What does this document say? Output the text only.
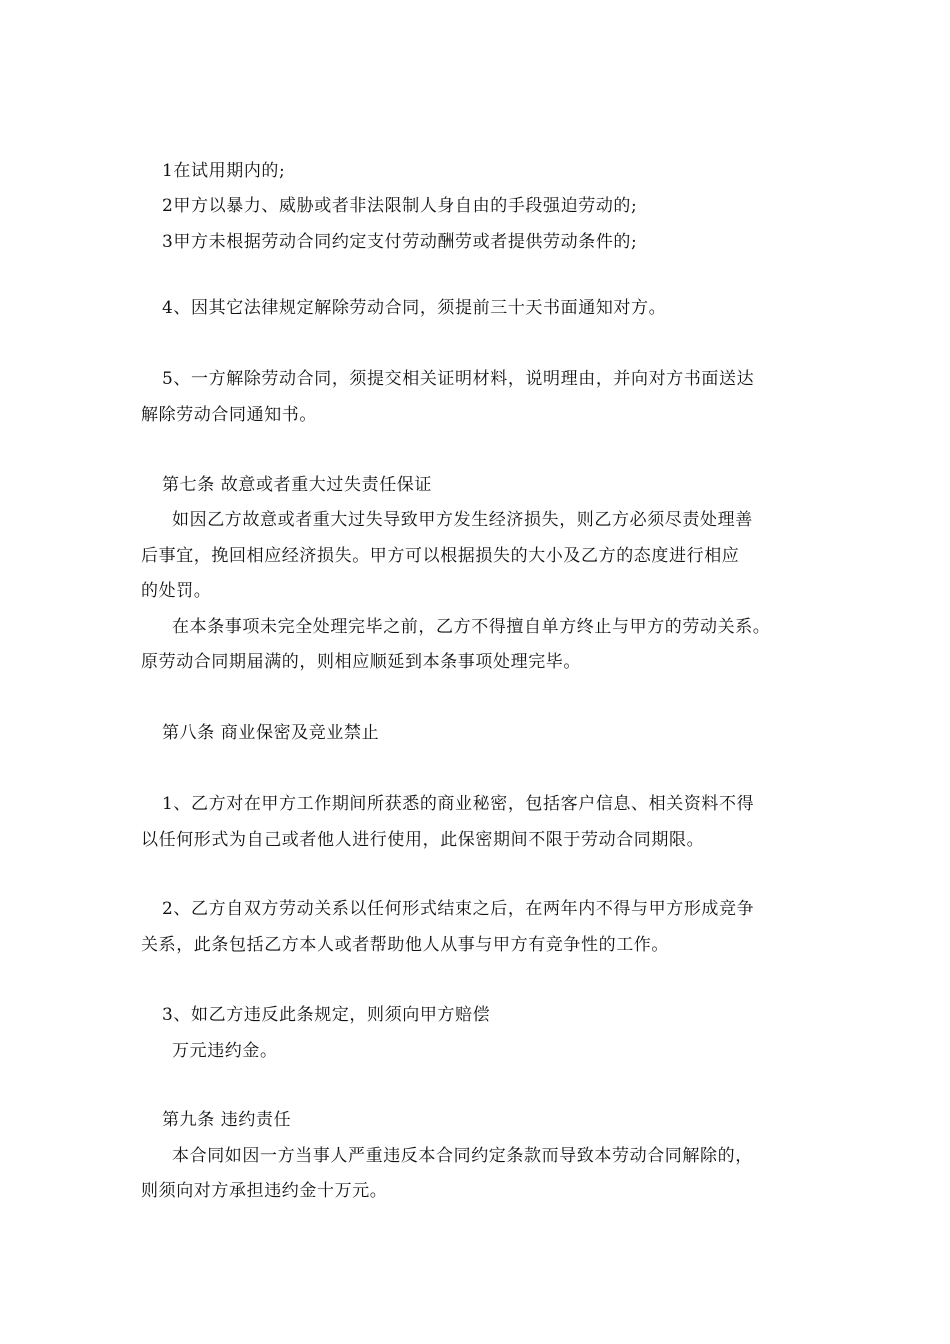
1在试用期内的;
2甲方以暴力、威胁或者非法限制人身自由的手段强迫劳动的;
3甲方未根据劳动合同约定支付劳动酬劳或者提供劳动条件的;
4、因其它法律规定解除劳动合同，须提前三十天书面通知对方。
5、一方解除劳动合同，须提交相关证明材料，说明理由，并向对方书面送达
解除劳动合同通知书。
第七条 故意或者重大过失责任保证
如因乙方故意或者重大过失导致甲方发生经济损失，则乙方必须尽责处理善
后事宜，挽回相应经济损失。甲方可以根据损失的大小及乙方的态度进行相应
的处罚。
在本条事项未完全处理完毕之前，乙方不得擅自单方终止与甲方的劳动关系。
原劳动合同期届满的，则相应顺延到本条事项处理完毕。
第八条 商业保密及竞业禁止
1、乙方对在甲方工作期间所获悉的商业秘密，包括客户信息、相关资料不得
以任何形式为自己或者他人进行使用，此保密期间不限于劳动合同期限。
2、乙方自双方劳动关系以任何形式结束之后，在两年内不得与甲方形成竞争
关系，此条包括乙方本人或者帮助他人从事与甲方有竞争性的工作。
3、如乙方违反此条规定，则须向甲方赔偿
万元违约金。
第九条 违约责任
本合同如因一方当事人严重违反本合同约定条款而导致本劳动合同解除的，
则须向对方承担违约金十万元。
